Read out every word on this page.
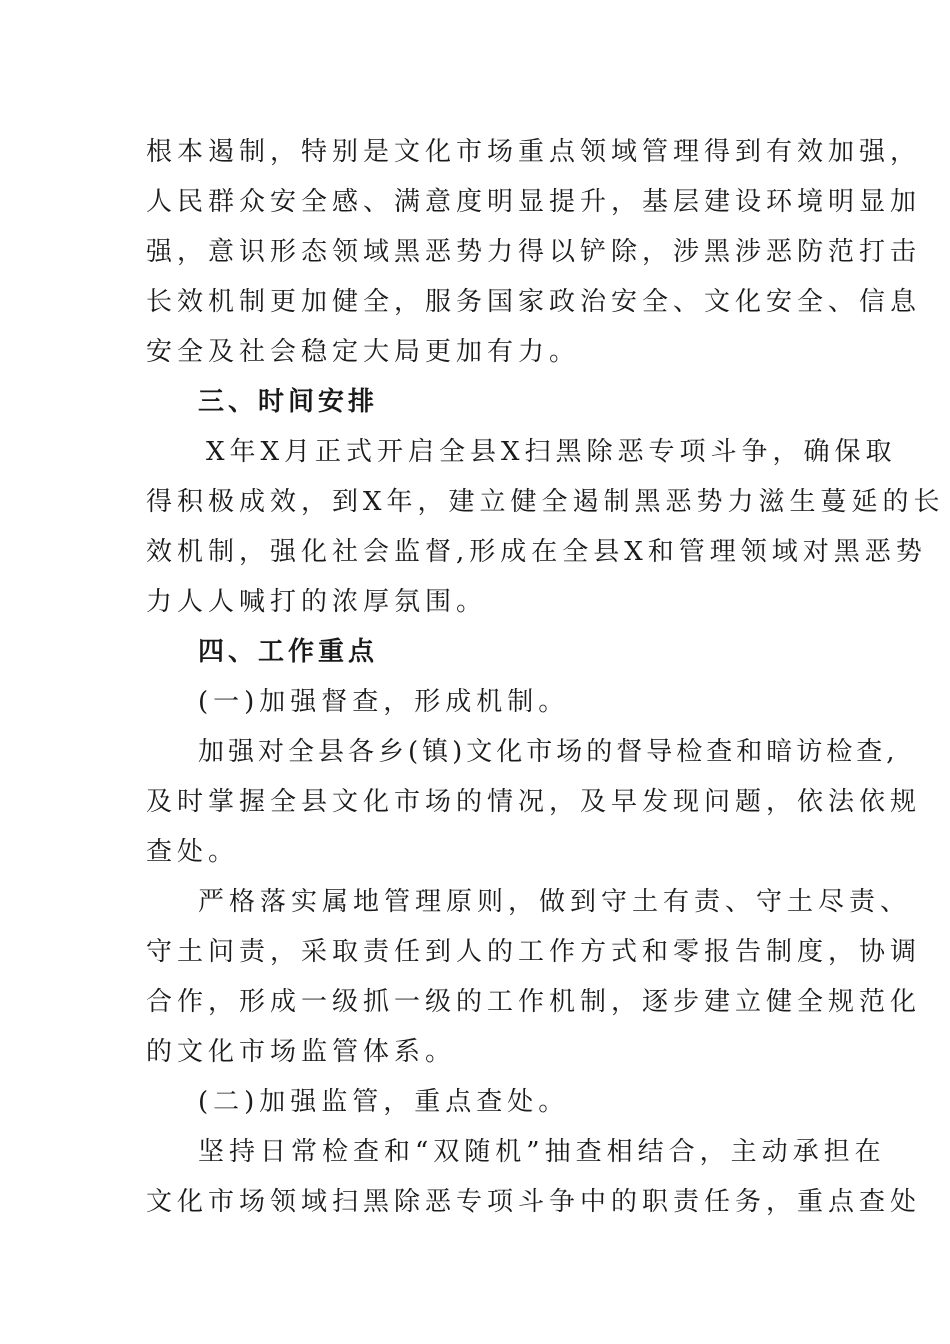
根本遏制，特别是文化市场重点领域管理得到有效加强，
人民群众安全感、满意度明显提升，基层建设环境明显加
强，意识形态领域黑恶势力得以铲除，涉黑涉恶防范打击
长效机制更加健全，服务国家政治安全、文化安全、信息
安全及社会稳定大局更加有力。
三、时间安排
X年X月正式开启全县X扫黑除恶专项斗争，确保取
得积极成效，到X年，建立健全遏制黑恶势力滋生蔓延的长
效机制，强化社会监督,形成在全县X和管理领域对黑恶势
力人人喊打的浓厚氛围。
四、工作重点
(一)加强督查，形成机制。
加强对全县各乡(镇)文化市场的督导检查和暗访检查,
及时掌握全县文化市场的情况，及早发现问题，依法依规
查处。
严格落实属地管理原则，做到守土有责、守土尽责、
守土问责，采取责任到人的工作方式和零报告制度，协调
合作，形成一级抓一级的工作机制，逐步建立健全规范化
的文化市场监管体系。
(二)加强监管，重点查处。
坚持日常检查和“双随机”抽查相结合，主动承担在
文化市场领域扫黑除恶专项斗争中的职责任务，重点查处
